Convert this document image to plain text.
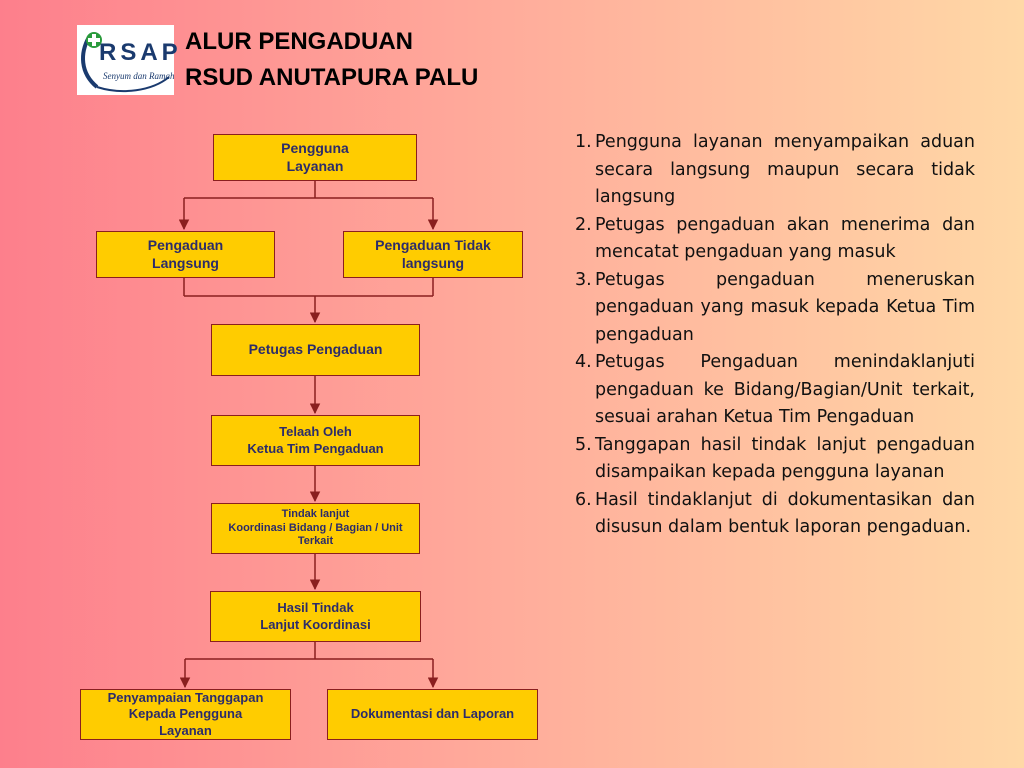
RSAP
Senyum dan Ramah
ALUR PENGADUAN
RSUD ANUTAPURA PALU
Pengguna
Layanan
Pengaduan
Langsung
Pengaduan Tidak
langsung
Petugas Pengaduan
Telaah Oleh
Ketua Tim Pengaduan
Tindak lanjut
Koordinasi Bidang / Bagian / Unit
Terkait
Hasil Tindak
Lanjut Koordinasi
Penyampaian Tanggapan
Kepada Pengguna
Layanan
Dokumentasi dan Laporan
1. Pengguna layanan menyampaikan aduan secara langsung maupun secara tidak langsung
2. Petugas pengaduan akan menerima dan mencatat pengaduan yang masuk
3. Petugas pengaduan meneruskan pengaduan yang masuk kepada Ketua Tim pengaduan
4. Petugas Pengaduan menindaklanjuti pengaduan ke Bidang/Bagian/Unit terkait, sesuai arahan Ketua Tim Pengaduan
5. Tanggapan hasil tindak lanjut pengaduan disampaikan kepada pengguna layanan
6. Hasil tindaklanjut di dokumentasikan dan disusun dalam bentuk laporan pengaduan.
